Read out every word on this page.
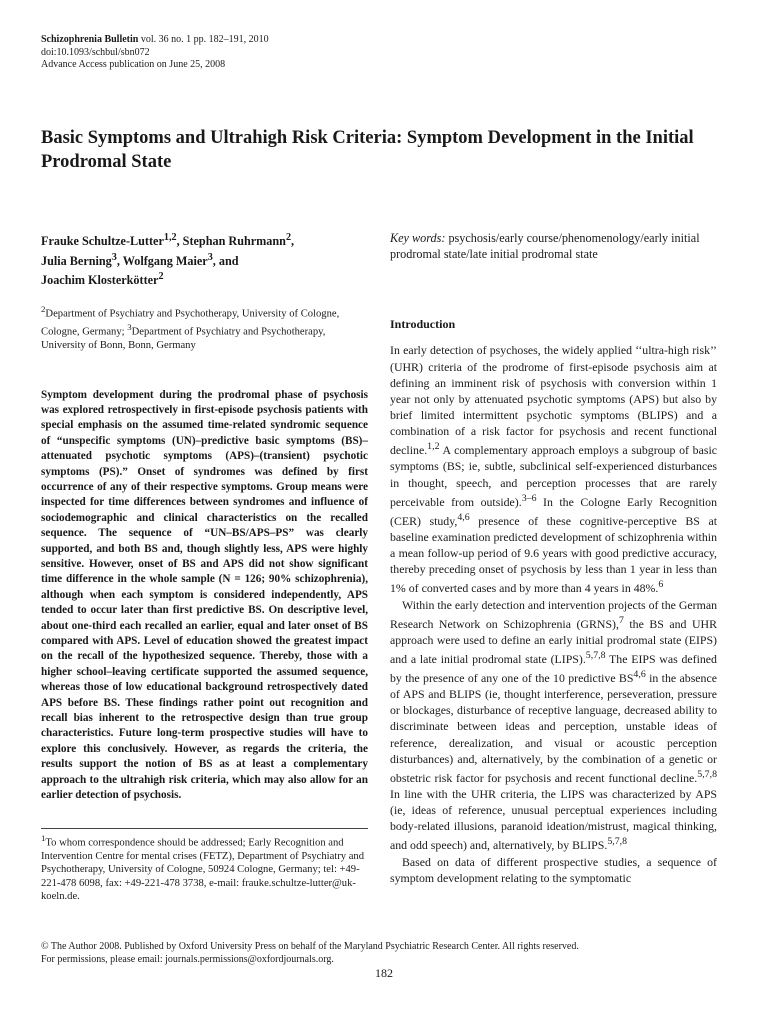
Schizophrenia Bulletin vol. 36 no. 1 pp. 182–191, 2010
doi:10.1093/schbul/sbn072
Advance Access publication on June 25, 2008
Basic Symptoms and Ultrahigh Risk Criteria: Symptom Development in the Initial Prodromal State

Frauke Schultze-Lutter$^{1,2}$, Stephan Ruhrmann$^2$,
Julia Berning$^3$, Wolfgang Maier$^3$, and
Joachim Klosterkötter$^2$

$^2$Department of Psychiatry and Psychotherapy, University of Cologne, Cologne, Germany; $^3$Department of Psychiatry and Psychotherapy, University of Bonn, Bonn, Germany

Symptom development during the prodromal phase of psychosis was explored retrospectively in first-episode psychosis patients with special emphasis on the assumed time-related syndromic sequence of “unspecific symptoms (UN)–predictive basic symptoms (BS)–attenuated psychotic symptoms (APS)–(transient) psychotic symptoms (PS).” Onset of syndromes was defined by first occurrence of any of their respective symptoms. Group means were inspected for time differences between syndromes and influence of sociodemographic and clinical characteristics on the recalled sequence. The sequence of “UN–BS/APS–PS” was clearly supported, and both BS and, though slightly less, APS were highly sensitive. However, onset of BS and APS did not show significant time difference in the whole sample (N = 126; 90% schizophrenia), although when each symptom is considered independently, APS tended to occur later than first predictive BS. On descriptive level, about one-third each recalled an earlier, equal and later onset of BS compared with APS. Level of education showed the greatest impact on the recall of the hypothesized sequence. Thereby, those with a higher school–leaving certificate supported the assumed sequence, whereas those of low educational background retrospectively dated APS before BS. These findings rather point out recognition and recall bias inherent to the retrospective design than true group characteristics. Future long-term prospective studies will have to explore this conclusively. However, as regards the criteria, the results support the notion of BS as at least a complementary approach to the ultrahigh risk criteria, which may also allow for an earlier detection of psychosis.

$^1$To whom correspondence should be addressed; Early Recognition and Intervention Centre for mental crises (FETZ), Department of Psychiatry and Psychotherapy, University of Cologne, 50924 Cologne, Germany; tel: +49-221-478 6098, fax: +49-221-478 3738, e-mail: frauke.schultze-lutter@uk-koeln.de.

Key words: psychosis/early course/phenomenology/early initial prodromal state/late initial prodromal state

Introduction

In early detection of psychoses, the widely applied ‘‘ultra-high risk’’ (UHR) criteria of the prodrome of first-episode psychosis aim at defining an imminent risk of psychosis with conversion within 1 year not only by attenuated psychotic symptoms (APS) but also by brief limited intermittent psychotic symptoms (BLIPS) and a combination of a risk factor for psychosis and recent functional decline.$^{1,2}$ A complementary approach employs a subgroup of basic symptoms (BS; ie, subtle, subclinical self-experienced disturbances in thought, speech, and perception processes that are rarely perceivable from outside).$^{3-6}$ In the Cologne Early Recognition (CER) study,$^{4,6}$ presence of these cognitive-perceptive BS at baseline examination predicted development of schizophrenia within a mean follow-up period of 9.6 years with good predictive accuracy, thereby preceding onset of psychosis by less than 1 year in less than 1% of converted cases and by more than 4 years in 48%.$^6$

Within the early detection and intervention projects of the German Research Network on Schizophrenia (GRNS),$^7$ the BS and UHR approach were used to define an early initial prodromal state (EIPS) and a late initial prodromal state (LIPS).$^{5,7,8}$ The EIPS was defined by the presence of any one of the 10 predictive BS$^{4,6}$ in the absence of APS and BLIPS (ie, thought interference, perseveration, pressure or blockages, disturbance of receptive language, decreased ability to discriminate between ideas and perception, unstable ideas of reference, derealization, and visual or acoustic perception disturbances) and, alternatively, by the combination of a genetic or obstetric risk factor for psychosis and recent functional decline.$^{5,7,8}$ In line with the UHR criteria, the LIPS was characterized by APS (ie, ideas of reference, unusual perceptual experiences including body-related illusions, paranoid ideation/mistrust, magical thinking, and odd speech) and, alternatively, by BLIPS.$^{5,7,8}$

Based on data of different prospective studies, a sequence of symptom development relating to the symptomatic

© The Author 2008. Published by Oxford University Press on behalf of the Maryland Psychiatric Research Center. All rights reserved.
For permissions, please email: journals.permissions@oxfordjournals.org.
182
